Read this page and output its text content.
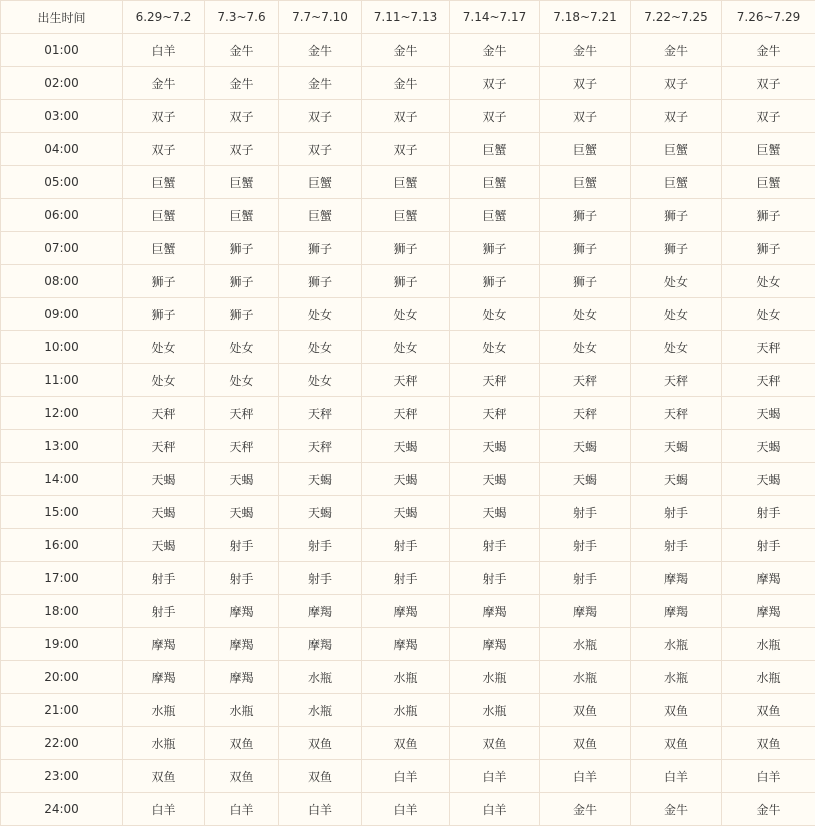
出生时间	6.29~7.2	7.3~7.6	7.7~7.10	7.11~7.13	7.14~7.17	7.18~7.21	7.22~7.25	7.26~7.29
01:00	白羊	金牛	金牛	金牛	金牛	金牛	金牛	金牛
02:00	金牛	金牛	金牛	金牛	双子	双子	双子	双子
03:00	双子	双子	双子	双子	双子	双子	双子	双子
04:00	双子	双子	双子	双子	巨蟹	巨蟹	巨蟹	巨蟹
05:00	巨蟹	巨蟹	巨蟹	巨蟹	巨蟹	巨蟹	巨蟹	巨蟹
06:00	巨蟹	巨蟹	巨蟹	巨蟹	巨蟹	狮子	狮子	狮子
07:00	巨蟹	狮子	狮子	狮子	狮子	狮子	狮子	狮子
08:00	狮子	狮子	狮子	狮子	狮子	狮子	处女	处女
09:00	狮子	狮子	处女	处女	处女	处女	处女	处女
10:00	处女	处女	处女	处女	处女	处女	处女	天秤
11:00	处女	处女	处女	天秤	天秤	天秤	天秤	天秤
12:00	天秤	天秤	天秤	天秤	天秤	天秤	天秤	天蝎
13:00	天秤	天秤	天秤	天蝎	天蝎	天蝎	天蝎	天蝎
14:00	天蝎	天蝎	天蝎	天蝎	天蝎	天蝎	天蝎	天蝎
15:00	天蝎	天蝎	天蝎	天蝎	天蝎	射手	射手	射手
16:00	天蝎	射手	射手	射手	射手	射手	射手	射手
17:00	射手	射手	射手	射手	射手	射手	摩羯	摩羯
18:00	射手	摩羯	摩羯	摩羯	摩羯	摩羯	摩羯	摩羯
19:00	摩羯	摩羯	摩羯	摩羯	摩羯	水瓶	水瓶	水瓶
20:00	摩羯	摩羯	水瓶	水瓶	水瓶	水瓶	水瓶	水瓶
21:00	水瓶	水瓶	水瓶	水瓶	水瓶	双鱼	双鱼	双鱼
22:00	水瓶	双鱼	双鱼	双鱼	双鱼	双鱼	双鱼	双鱼
23:00	双鱼	双鱼	双鱼	白羊	白羊	白羊	白羊	白羊
24:00	白羊	白羊	白羊	白羊	白羊	金牛	金牛	金牛
